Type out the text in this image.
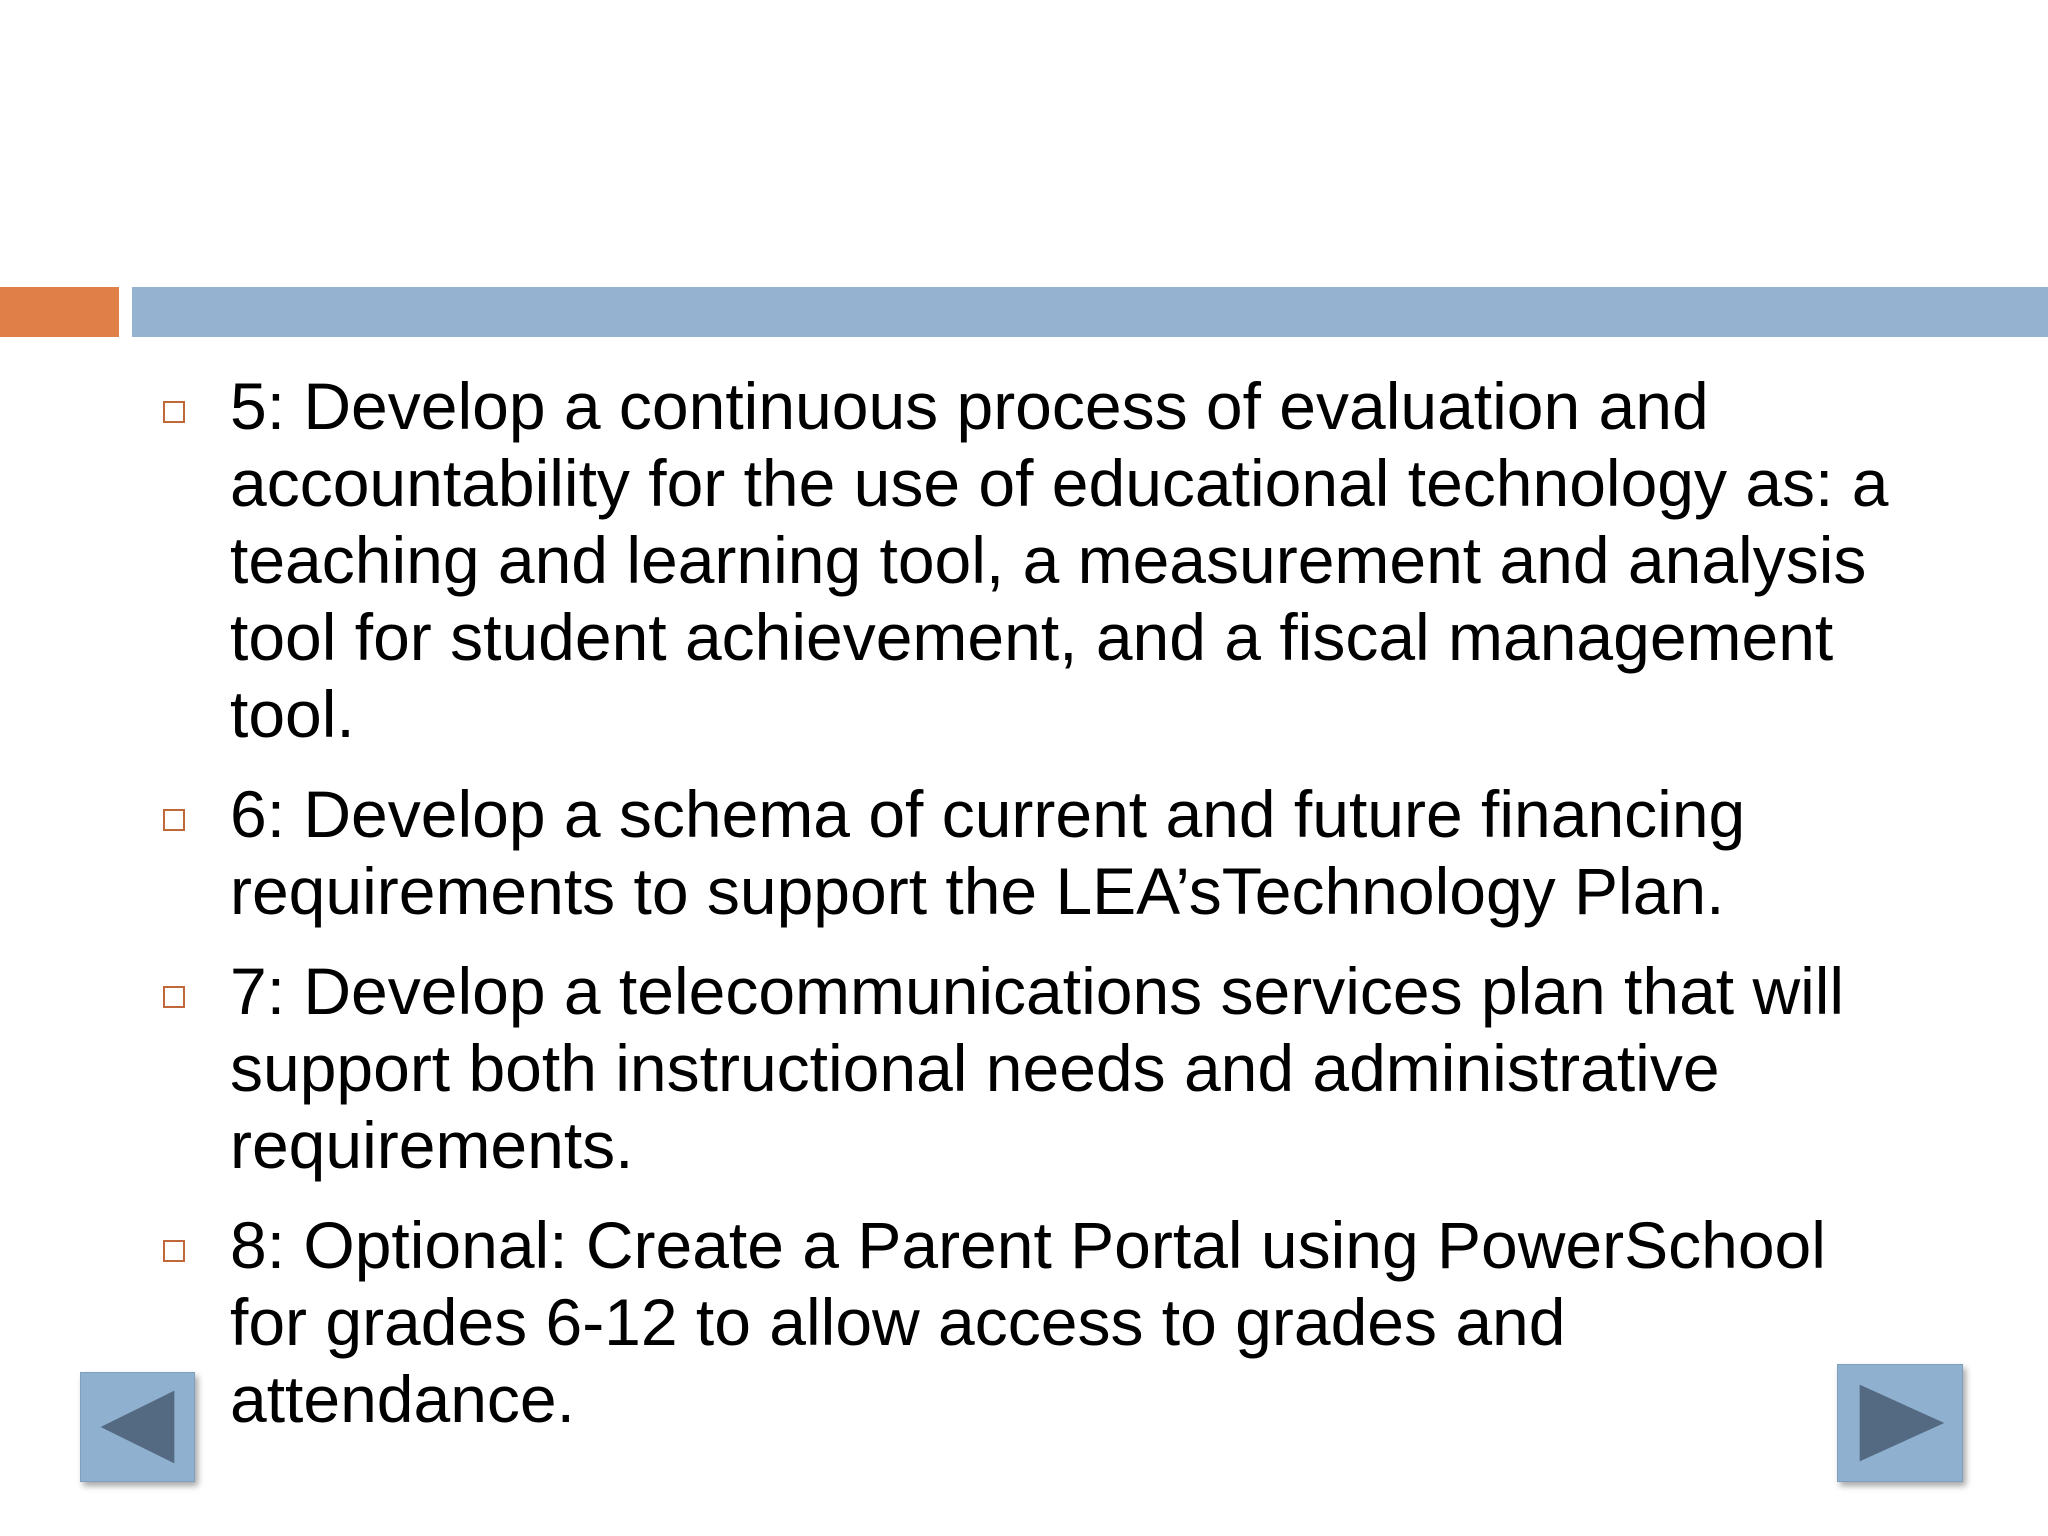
5: Develop a continuous process of evaluation and accountability for the use of educational technology as: a teaching and learning tool, a measurement and analysis tool for student achievement, and a fiscal management tool.
6: Develop a schema of current and future financing requirements to support the LEA’sTechnology Plan.
7: Develop a telecommunications services plan that will support both instructional needs and administrative requirements.
8: Optional: Create a Parent Portal using PowerSchool for grades 6-12 to allow access to grades and attendance.
